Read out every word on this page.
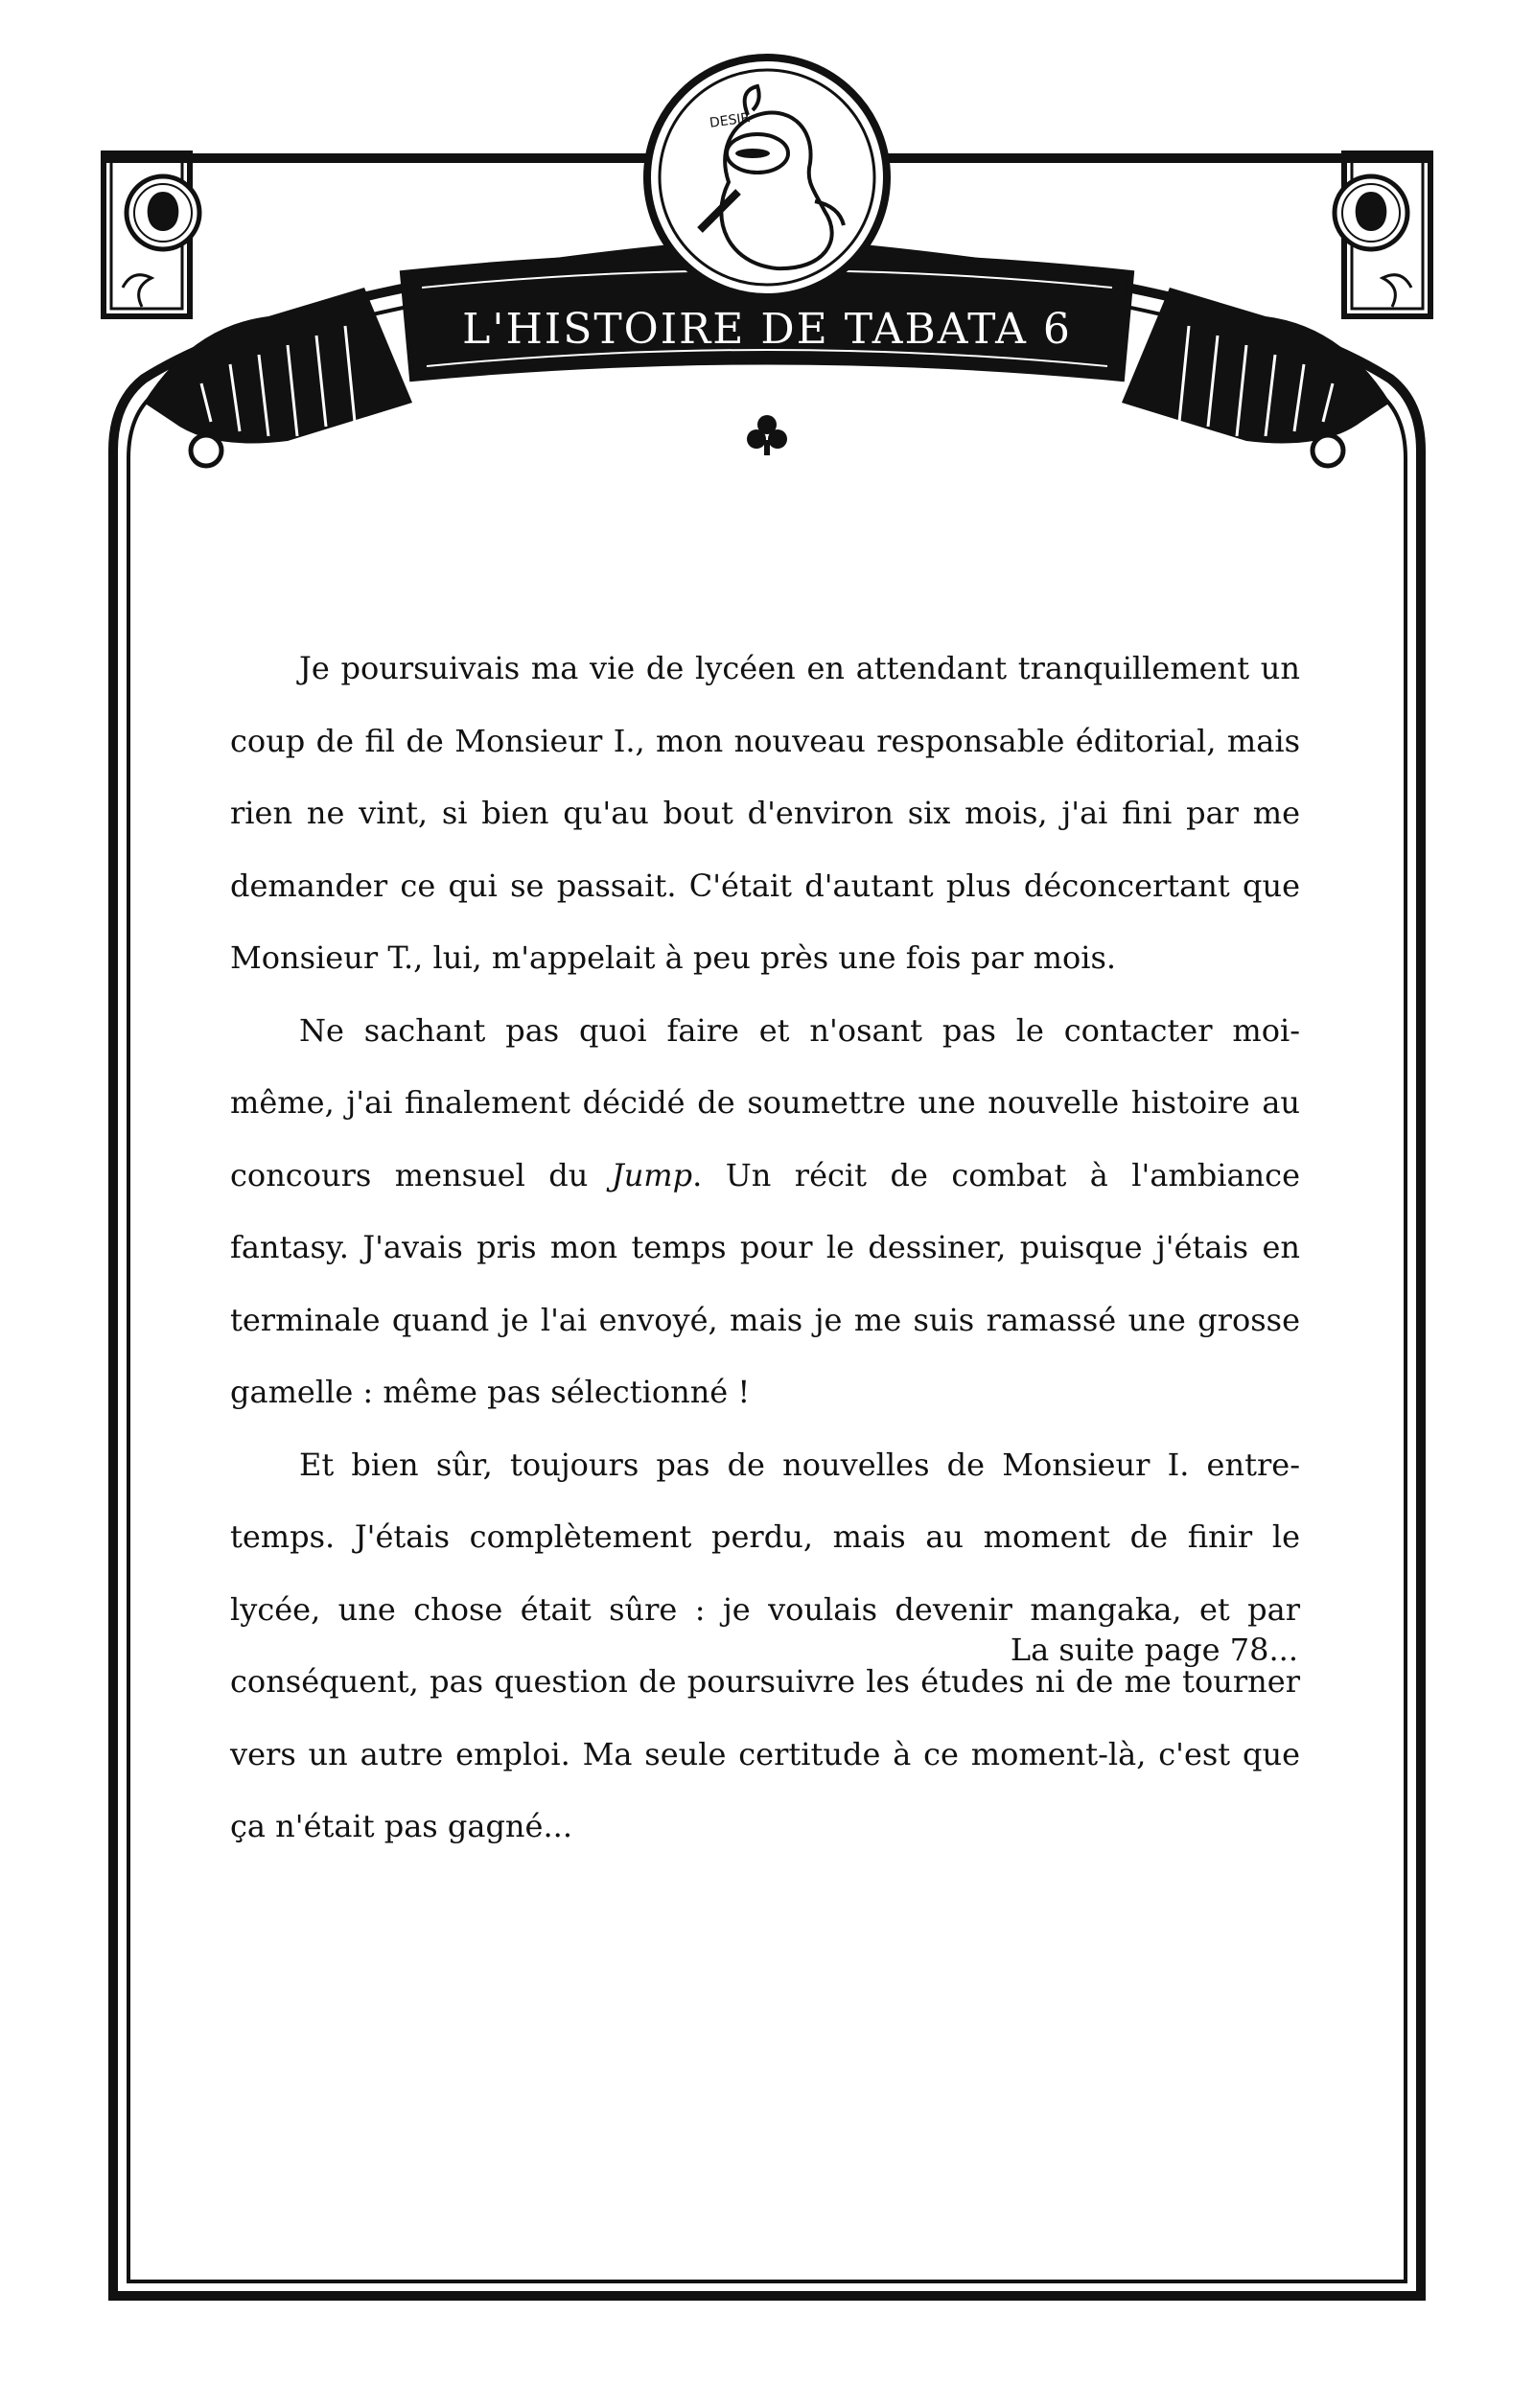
DESIR
L'HISTOIRE DE TABATA 6

Je poursuivais ma vie de lycéen en attendant tranquillement un coup de fil de Monsieur I., mon nouveau responsable éditorial, mais rien ne vint, si bien qu'au bout d'environ six mois, j'ai fini par me demander ce qui se passait. C'était d'autant plus déconcertant que Monsieur T., lui, m'appelait à peu près une fois par mois.

Ne sachant pas quoi faire et n'osant pas le contacter moi-même, j'ai finalement décidé de soumettre une nouvelle histoire au concours mensuel du Jump. Un récit de combat à l'ambiance fantasy. J'avais pris mon temps pour le dessiner, puisque j'étais en terminale quand je l'ai envoyé, mais je me suis ramassé une grosse gamelle : même pas sélectionné !

Et bien sûr, toujours pas de nouvelles de Monsieur I. entre-temps. J'étais complètement perdu, mais au moment de finir le lycée, une chose était sûre : je voulais devenir mangaka, et par conséquent, pas question de poursuivre les études ni de me tourner vers un autre emploi. Ma seule certitude à ce moment-là, c'est que ça n'était pas gagné...

La suite page 78...
